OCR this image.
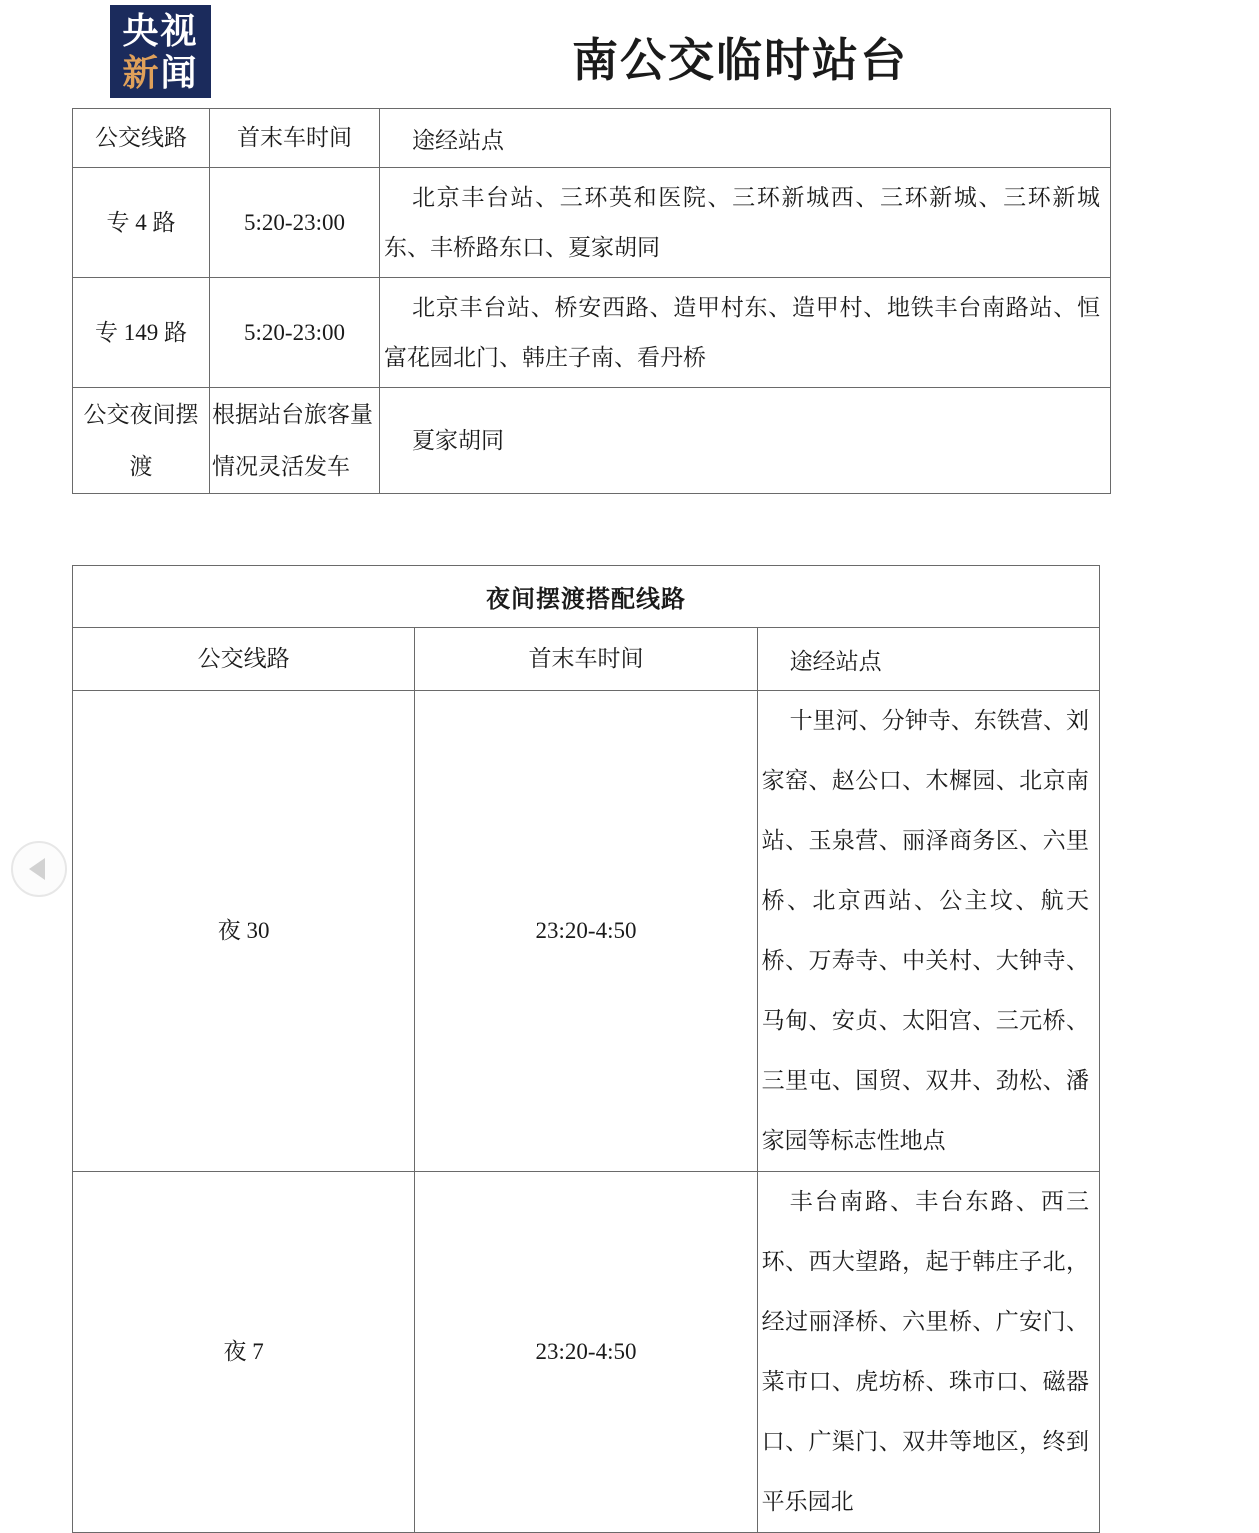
央视
新闻	南公交临时站台
公交线路	首末车时间	途经站点
专 4 路	5:20-23:00	北京丰台站、三环英和医院、三环新城西、三环新城、三环新城东、丰桥路东口、夏家胡同

专 149 路	5:20-23:00	北京丰台站、桥安西路、造甲村东、造甲村、地铁丰台南路站、恒富花园北门、韩庄子南、看丹桥

公交夜间摆渡	根据站台旅客量情况灵活发车	夏家胡同

夜间摆渡搭配线路		
公交线路	首末车时间	途经站点
夜 30	23:20-4:50	十里河、分钟寺、东铁营、刘家窑、赵公口、木樨园、北京南站、玉泉营、丽泽商务区、六里桥、北京西站、公主坟、航天桥、万寿寺、中关村、大钟寺、马甸、安贞、太阳宫、三元桥、三里屯、国贸、双井、劲松、潘家园等标志性地点

夜 7	23:20-4:50	丰台南路、丰台东路、西三环、西大望路，起于韩庄子北，经过丽泽桥、六里桥、广安门、菜市口、虎坊桥、珠市口、磁器口、广渠门、双井等地区，终到平乐园北
